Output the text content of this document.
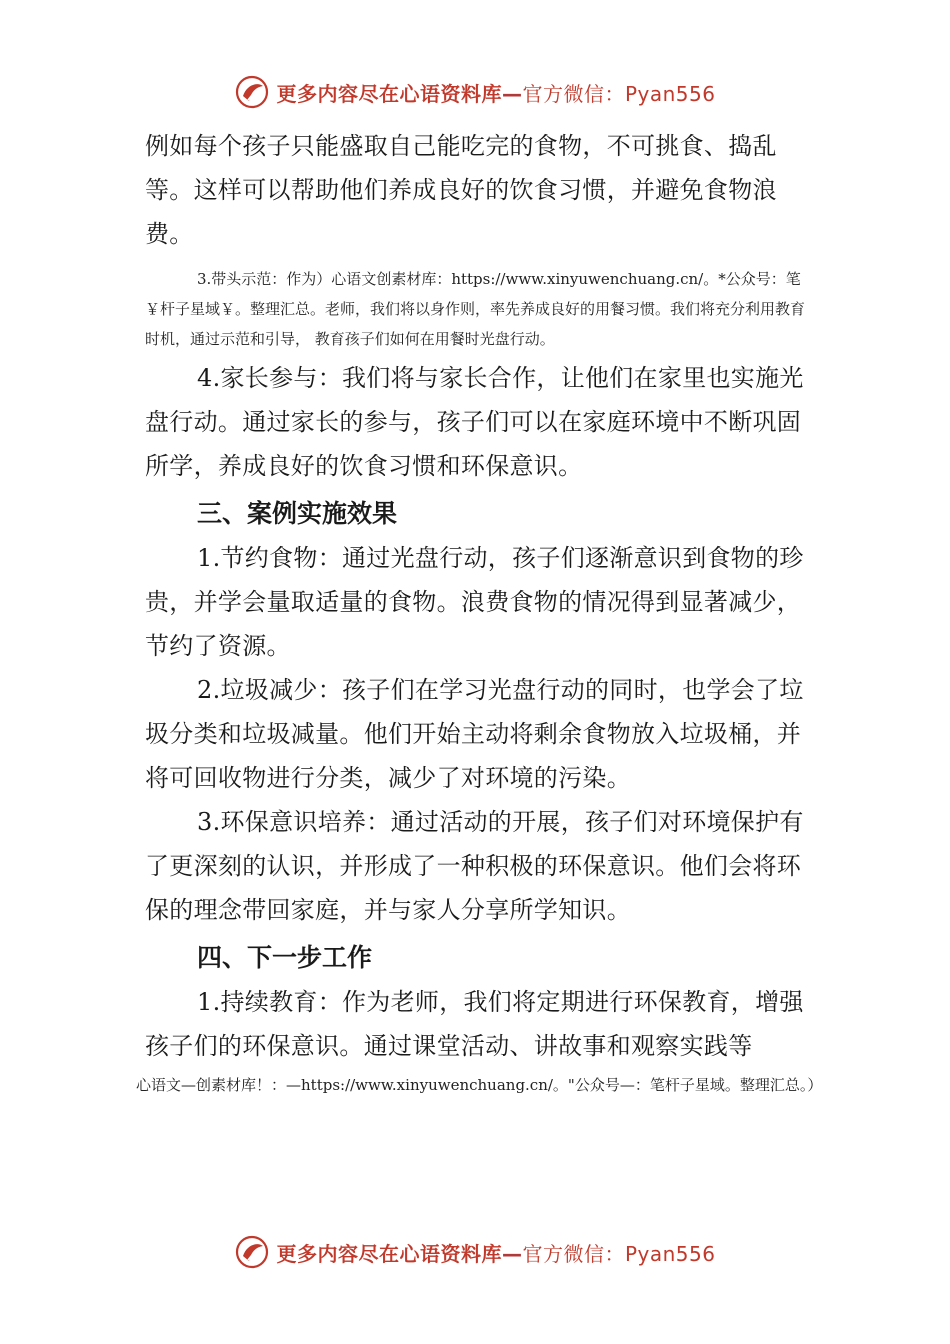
更多内容尽在心语资料库—官方微信：Pyan556

例如每个孩子只能盛取自己能吃完的食物，不可挑食、捣乱等。这样可以帮助他们养成良好的饮食习惯，并避免食物浪费。

3.带头示范：作为）心语文创素材库：https://www.xinyuwenchuang.cn/。*公众号：笔￥杆子星域￥。整理汇总。老师，我们将以身作则，率先养成良好的用餐习惯。我们将充分利用教育时机，通过示范和引导， 教育孩子们如何在用餐时光盘行动。

4.家长参与：我们将与家长合作，让他们在家里也实施光盘行动。通过家长的参与，孩子们可以在家庭环境中不断巩固所学，养成良好的饮食习惯和环保意识。

三、案例实施效果

1.节约食物：通过光盘行动，孩子们逐渐意识到食物的珍贵，并学会量取适量的食物。浪费食物的情况得到显著减少，节约了资源。

2.垃圾减少：孩子们在学习光盘行动的同时，也学会了垃圾分类和垃圾减量。他们开始主动将剩余食物放入垃圾桶，并将可回收物进行分类，减少了对环境的污染。

3.环保意识培养：通过活动的开展，孩子们对环境保护有了更深刻的认识，并形成了一种积极的环保意识。他们会将环保的理念带回家庭，并与家人分享所学知识。

四、下一步工作

1.持续教育：作为老师，我们将定期进行环保教育，增强孩子们的环保意识。通过课堂活动、讲故事和观察实践等

心语文—创素材库！：—https://www.xinyuwenchuang.cn/。"公众号—：笔杆子星域。整理汇总。）

更多内容尽在心语资料库—官方微信：Pyan556
